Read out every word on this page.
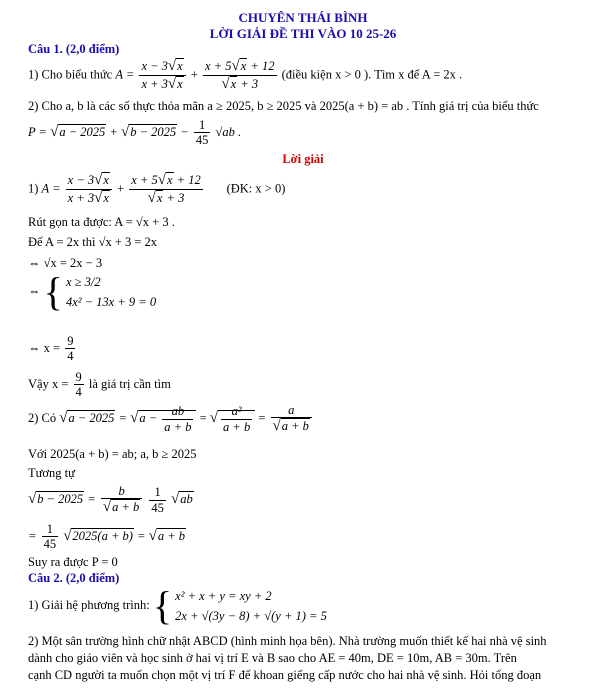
CHUYÊN THÁI BÌNH
LỜI GIẢI ĐỀ THI VÀO 10 25-26
Câu 1. (2,0 điểm)
1) Cho biểu thức $A = \frac{x - 3√x}{x + 3√x} + \frac{x + 5√x + 12}{√x + 3}$ (điều kiện x > 0 ). Tìm x để A = 2x .
2) Cho a, b là các số thực thỏa mãn a ≥ 2025, b ≥ 2025 và 2025(a + b) = ab . Tính giá trị của biểu thức
$P = √a - 2025 + √b - 2025 - \frac{1}{45} √ab$ .
Lời giải
1) $A = \frac{x - 3√x}{x + 3√x} + \frac{x + 5√x + 12}{√x + 3}$ (ĐK: x > 0)
Rút gọn ta được: A = √x + 3 .
Để A = 2x thì √x + 3 = 2x
⇔ √x = 2x − 3
⇔ { x ≥ 3/2
4x² − 13x + 9 = 0
⇔ $x = \frac{9}{4}$
Vậy $x = \frac{9}{4}$ là giá trị cần tìm
2) Có $√a - 2025 = √a - \frac{ab}{a + b}$ = √ $\frac{\text{a²}}{a + b} = \frac{a}{√a + b}$
Với 2025(a + b) = ab; a, b ≥ 2025
Tương tự
$√b - 2025 = \frac{b}{√a + b}$
$\frac{1}{45} √ab$
= $\frac{1}{45} √2025(a + b) = √a + b$
Suy ra được P = 0
Câu 2. (2,0 điểm)
1) Giải hệ phương trình: { x² + x + y = xy + 2
2x + √(3y − 8) + √(y + 1) = 5
2) Một sân trường hình chữ nhật ABCD (hình minh họa bên). Nhà trường muốn thiết kế hai nhà vệ sinh
dành cho giáo viên và học sinh ở hai vị trí E và B sao cho AE = 40m, DE = 10m, AB = 30m. Trên
cạnh CD người ta muốn chọn một vị trí F để khoan giếng cấp nước cho hai nhà vệ sinh. Hỏi tổng đoạn
